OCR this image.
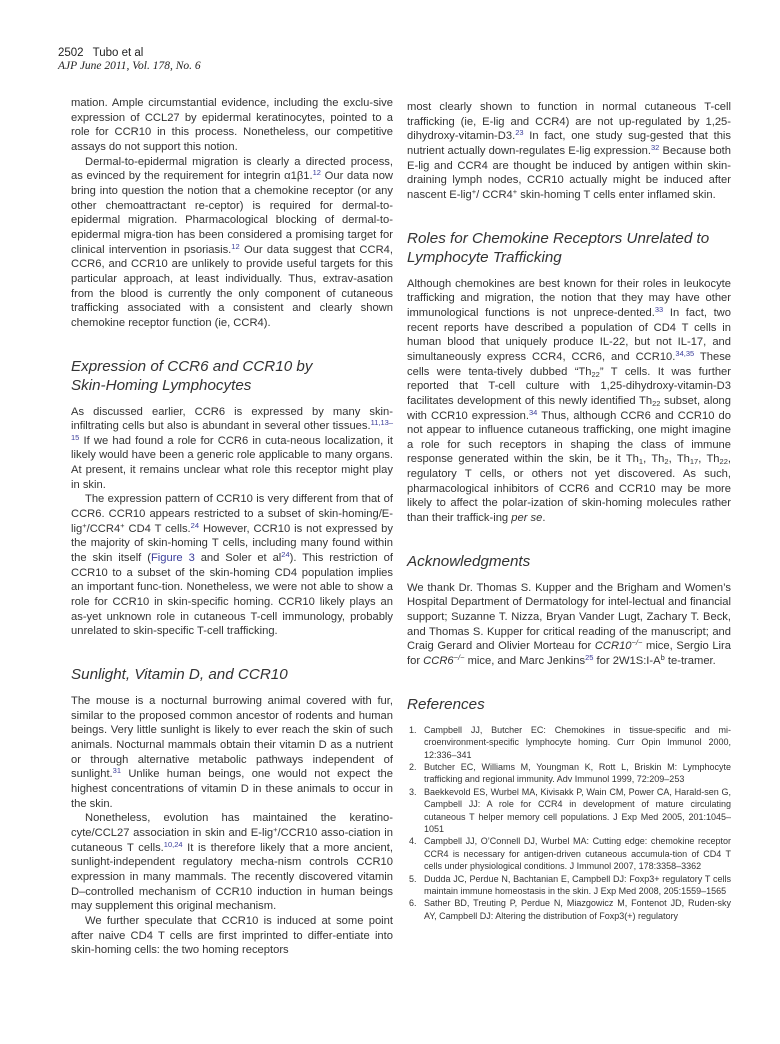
2502 Tubo et al
AJP June 2011, Vol. 178, No. 6

mation. Ample circumstantial evidence, including the exclu-sive expression of CCL27 by epidermal keratinocytes, pointed to a role for CCR10 in this process. Nonetheless, our competitive assays do not support this notion.

Dermal-to-epidermal migration is clearly a directed process, as evinced by the requirement for integrin α1β1.12 Our data now bring into question the notion that a chemokine receptor (or any other chemoattractant re-ceptor) is required for dermal-to-epidermal migration. Pharmacological blocking of dermal-to-epidermal migra-tion has been considered a promising target for clinical intervention in psoriasis.$^{12}$ Our data suggest that CCR4, CCR6, and CCR10 are unlikely to provide useful targets for this particular approach, at least individually. Thus, extrav-asation from the blood is currently the only component of cutaneous trafficking associated with a consistent and clearly shown chemokine receptor function (ie, CCR4).

Expression of CCR6 and CCR10 by
Skin-Homing Lymphocytes

As discussed earlier, CCR6 is expressed by many skin-infiltrating cells but also is abundant in several other tissues.$^{11,13-15}$ If we had found a role for CCR6 in cuta-neous localization, it likely would have been a generic role applicable to many organs. At present, it remains unclear what role this receptor might play in skin.

The expression pattern of CCR10 is very different from that of CCR6. CCR10 appears restricted to a subset of skin-homing/E-lig+/CCR4+ CD4 T cells.$^{24}$ However, CCR10 is not expressed by the majority of skin-homing T cells, including many found within the skin itself (Figure 3 and Soler et al$^{24}$). This restriction of CCR10 to a subset of the skin-homing CD4 population implies an important func-tion. Nonetheless, we were not able to show a role for CCR10 in skin-specific homing. CCR10 likely plays an as-yet unknown role in cutaneous T-cell immunology, probably unrelated to skin-specific T-cell trafficking.

Sunlight, Vitamin D, and CCR10

The mouse is a nocturnal burrowing animal covered with fur, similar to the proposed common ancestor of rodents and human beings. Very little sunlight is likely to ever reach the skin of such animals. Nocturnal mammals obtain their vitamin D as a nutrient or through alternative metabolic pathways independent of sunlight.$^{31}$ Unlike human beings, one would not expect the highest concentrations of vitamin D in these animals to occur in the skin.

Nonetheless, evolution has maintained the keratino-cyte/CCL27 association in skin and E-lig+/CCR10 asso-ciation in cutaneous T cells.$^{10,24}$ It is therefore likely that a more ancient, sunlight-independent regulatory mecha-nism controls CCR10 expression in many mammals. The recently discovered vitamin D–controlled mechanism of CCR10 induction in human beings may supplement this original mechanism.

We further speculate that CCR10 is induced at some point after naive CD4 T cells are first imprinted to differ-entiate into skin-homing cells: the two homing receptors

most clearly shown to function in normal cutaneous T-cell trafficking (ie, E-lig and CCR4) are not up-regulated by 1,25-dihydroxy-vitamin-D3.23 In fact, one study sug-gested that this nutrient actually down-regulates E-lig expression.$^{32}$ Because both E-lig and CCR4 are thought be induced by antigen within skin-draining lymph nodes, CCR10 actually might be induced after nascent E-lig+/ CCR4+ skin-homing T cells enter inflamed skin.

Roles for Chemokine Receptors Unrelated to
Lymphocyte Trafficking

Although chemokines are best known for their roles in leukocyte trafficking and migration, the notion that they may have other immunological functions is not unprece-dented.$^{33}$ In fact, two recent reports have described a population of CD4 T cells in human blood that uniquely produce IL-22, but not IL-17, and simultaneously express CCR4, CCR6, and CCR10.$^{34,35}$ These cells were tenta-tively dubbed “$Th_{22}$” T cells. It was further reported that T-cell culture with 1,25-dihydroxy-vitamin-D3 facilitates development of this newly identified $Th_{22}$ subset, along with CCR10 expression.$^{34}$ Thus, although CCR6 and CCR10 do not appear to influence cutaneous trafficking, one might imagine a role for such receptors in shaping the class of immune response generated within the skin, be it $Th_1$, $Th_2$, $Th_{17}$, $Th_{22}$, regulatory T cells, or others not yet discovered. As such, pharmacological inhibitors of CCR6 and CCR10 may be more likely to affect the polar-ization of skin-homing molecules rather than their traffick-ing per se.

Acknowledgments

We thank Dr. Thomas S. Kupper and the Brigham and Women’s Hospital Department of Dermatology for intel-lectual and financial support; Suzanne T. Nizza, Bryan Vander Lugt, Zachary T. Beck, and Thomas S. Kupper for critical reading of the manuscript; and Craig Gerard and Olivier Morteau for CCR10−/− mice, Sergio Lira for CCR6−/− mice, and Marc Jenkins$^{25}$ for $2W1S:I-A^b$ te-tramer.

References
1. Campbell JJ, Butcher EC: Chemokines in tissue-specific and mi-croenvironment-specific lymphocyte homing. Curr Opin Immunol 2000, 12:336–341
2. Butcher EC, Williams M, Youngman K, Rott L, Briskin M: Lymphocyte trafficking and regional immunity. Adv Immunol 1999, 72:209–253
3. Baekkevold ES, Wurbel MA, Kivisakk P, Wain CM, Power CA, Harald-sen G, Campbell JJ: A role for CCR4 in development of mature circulating cutaneous T helper memory cell populations. J Exp Med 2005, 201:1045–1051
4. Campbell JJ, O’Connell DJ, Wurbel MA: Cutting edge: chemokine receptor CCR4 is necessary for antigen-driven cutaneous accumula-tion of CD4 T cells under physiological conditions. J Immunol 2007, 178:3358–3362
5. Dudda JC, Perdue N, Bachtanian E, Campbell DJ: Foxp3+ regulatory T cells maintain immune homeostasis in the skin. J Exp Med 2008, 205:1559–1565
6. Sather BD, Treuting P, Perdue N, Miazgowicz M, Fontenot JD, Ruden-sky AY, Campbell DJ: Altering the distribution of Foxp3(+) regulatory
